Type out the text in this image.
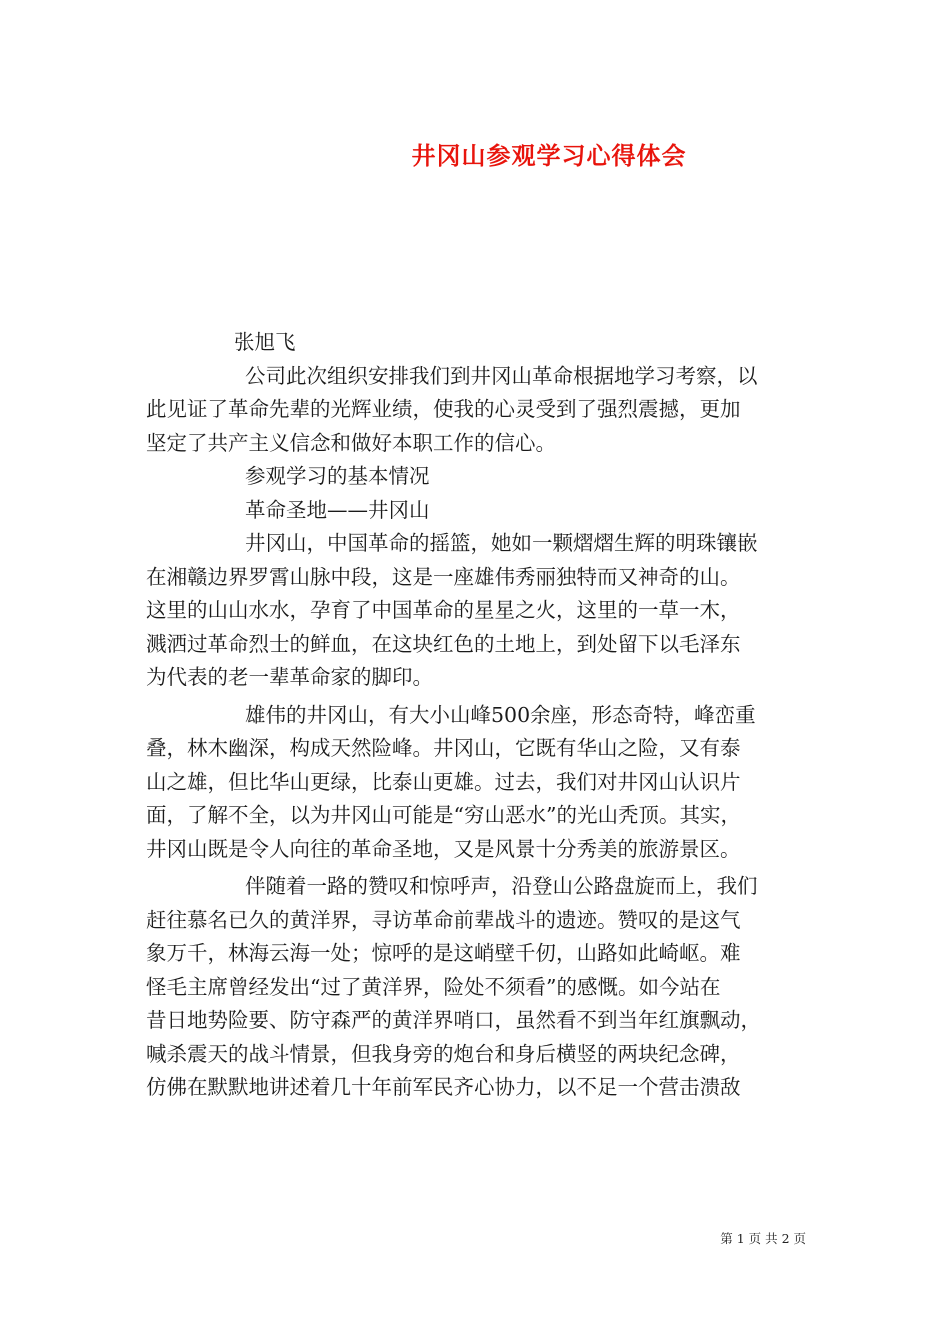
井冈山参观学习心得体会
张旭飞
公司此次组织安排我们到井冈山革命根据地学习考察，以
此见证了革命先辈的光辉业绩，使我的心灵受到了强烈震撼，更加
坚定了共产主义信念和做好本职工作的信心。
参观学习的基本情况
革命圣地——井冈山
井冈山，中国革命的摇篮，她如一颗熠熠生辉的明珠镶嵌
在湘赣边界罗霄山脉中段，这是一座雄伟秀丽独特而又神奇的山。
这里的山山水水，孕育了中国革命的星星之火，这里的一草一木，
溅洒过革命烈士的鲜血，在这块红色的土地上，到处留下以毛泽东
为代表的老一辈革命家的脚印。
雄伟的井冈山，有大小山峰500余座，形态奇特，峰峦重
叠，林木幽深，构成天然险峰。井冈山，它既有华山之险，又有泰
山之雄，但比华山更绿，比泰山更雄。过去，我们对井冈山认识片
面，了解不全，以为井冈山可能是“穷山恶水”的光山秃顶。其实，
井冈山既是令人向往的革命圣地，又是风景十分秀美的旅游景区。
伴随着一路的赞叹和惊呼声，沿登山公路盘旋而上，我们
赶往慕名已久的黄洋界，寻访革命前辈战斗的遗迹。赞叹的是这气
象万千，林海云海一处；惊呼的是这峭壁千仞，山路如此崎岖。难
怪毛主席曾经发出“过了黄洋界，险处不须看”的感慨。如今站在
昔日地势险要、防守森严的黄洋界哨口，虽然看不到当年红旗飘动，
喊杀震天的战斗情景，但我身旁的炮台和身后横竖的两块纪念碑，
仿佛在默默地讲述着几十年前军民齐心协力，以不足一个营击溃敌
第 1 页 共 2 页
